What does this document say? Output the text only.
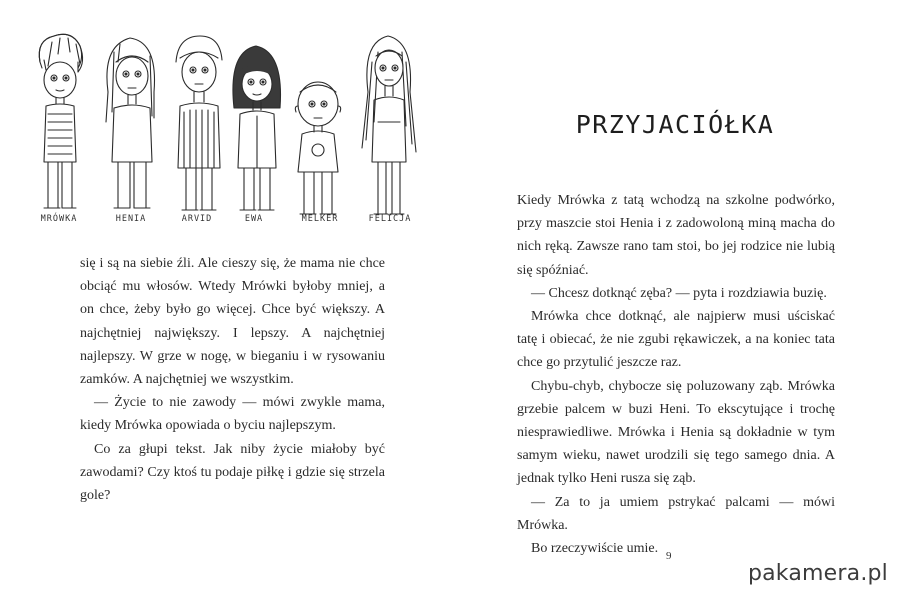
MRÓWKA	HENIA	ARVID	EWA	MELKER	FELICJA

się i są na siebie źli. Ale cieszy się, że mama nie chce obciąć mu włosów. Wtedy Mrówki byłoby mniej, a on chce, żeby było go więcej. Chce być większy. A najchętniej największy. I lepszy. A najchętniej najlepszy. W grze w nogę, w bieganiu i w rysowaniu zamków. A najchętniej we wszystkim.

— Życie to nie zawody — mówi zwykle mama, kiedy Mrówka opowiada o byciu najlepszym.

Co za głupi tekst. Jak niby życie miałoby być zawodami? Czy ktoś tu podaje piłkę i gdzie się strzela gole?

PRZYJACIÓŁKA

Kiedy Mrówka z tatą wchodzą na szkolne podwórko, przy maszcie stoi Henia i z zadowoloną miną macha do nich ręką. Zawsze rano tam stoi, bo jej rodzice nie lubią się spóźniać.

— Chcesz dotknąć zęba? — pyta i rozdziawia buzię.

Mrówka chce dotknąć, ale najpierw musi uściskać tatę i obiecać, że nie zgubi rękawiczek, a na koniec tata chce go przytulić jeszcze raz.

Chybu-chyb, chybocze się poluzowany ząb. Mrówka grzebie palcem w buzi Heni. To ekscytujące i trochę niesprawiedliwe. Mrówka i Henia są dokładnie w tym samym wieku, nawet urodzili się tego samego dnia. A jednak tylko Heni rusza się ząb.

— Za to ja umiem pstrykać palcami — mówi Mrówka.

Bo rzeczywiście umie. 9
pakamera.pl
